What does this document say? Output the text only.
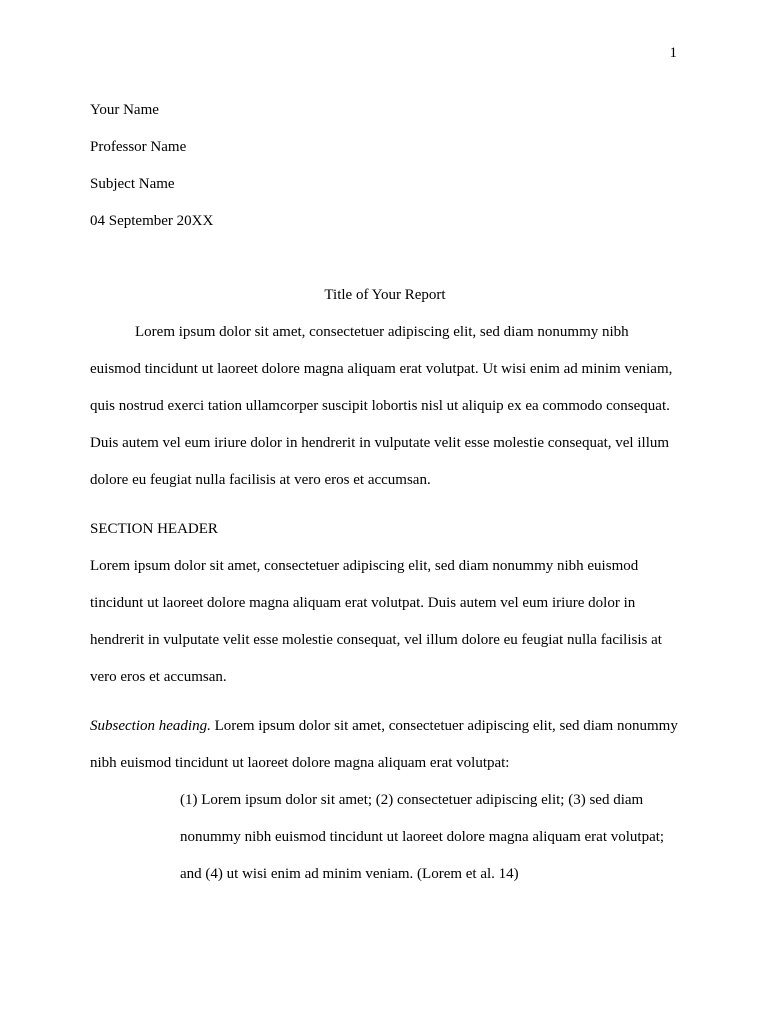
1

Your Name

Professor Name

Subject Name

04 September 20XX

Title of Your Report

Lorem ipsum dolor sit amet, consectetuer adipiscing elit, sed diam nonummy nibh euismod tincidunt ut laoreet dolore magna aliquam erat volutpat. Ut wisi enim ad minim veniam, quis nostrud exerci tation ullamcorper suscipit lobortis nisl ut aliquip ex ea commodo consequat. Duis autem vel eum iriure dolor in hendrerit in vulputate velit esse molestie consequat, vel illum dolore eu feugiat nulla facilisis at vero eros et accumsan.

SECTION HEADER

Lorem ipsum dolor sit amet, consectetuer adipiscing elit, sed diam nonummy nibh euismod tincidunt ut laoreet dolore magna aliquam erat volutpat. Duis autem vel eum iriure dolor in hendrerit in vulputate velit esse molestie consequat, vel illum dolore eu feugiat nulla facilisis at vero eros et accumsan.

Subsection heading. Lorem ipsum dolor sit amet, consectetuer adipiscing elit, sed diam nonummy nibh euismod tincidunt ut laoreet dolore magna aliquam erat volutpat:

(1) Lorem ipsum dolor sit amet; (2) consectetuer adipiscing elit; (3) sed diam nonummy nibh euismod tincidunt ut laoreet dolore magna aliquam erat volutpat; and (4) ut wisi enim ad minim veniam. (Lorem et al. 14)
